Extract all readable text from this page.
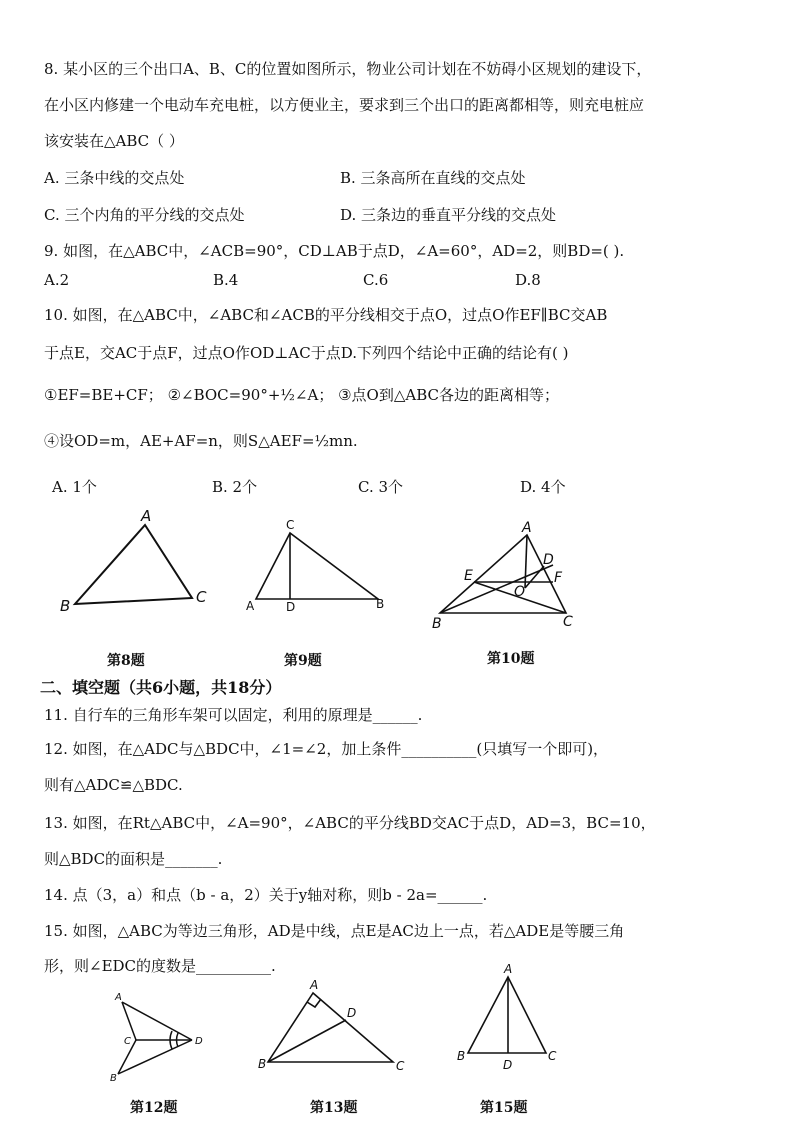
8. 某小区的三个出口A、B、C的位置如图所示，物业公司计划在不妨碍小区规划的建设下，
在小区内修建一个电动车充电桩，以方便业主，要求到三个出口的距离都相等，则充电桩应
该安装在△ABC（ ）
A. 三条中线的交点处	B. 三条高所在直线的交点处
C. 三个内角的平分线的交点处	D. 三条边的垂直平分线的交点处
9. 如图，在△ABC中，∠ACB=90°，CD⊥AB于点D，∠A=60°，AD=2，则BD=( ).
A.2	B.4	C.6	D.8
10. 如图，在△ABC中，∠ABC和∠ACB的平分线相交于点O，过点O作EF∥BC交AB
于点E，交AC于点F，过点O作OD⊥AC于点D.下列四个结论中正确的结论有( )
①EF=BE+CF； ②∠BOC=90°+½∠A； ③点O到△ABC各边的距离相等；
④设OD=m，AE+AF=n，则S△AEF=½mn.
A. 1个	B. 2个	C. 3个	D. 4个
A
B	C
C
A	D	B
A
D
E	F
O
B	C
A
C	D
B
A
D
B	C
A
B
D
C
第8题	第9题	第10题
二、填空题（共6小题，共18分）
11. 自行车的三角形车架可以固定，利用的原理是______.
12. 如图，在△ADC与△BDC中，∠1=∠2，加上条件__________(只填写一个即可)，
则有△ADC≌△BDC.
13. 如图，在Rt△ABC中，∠A=90°，∠ABC的平分线BD交AC于点D，AD=3，BC=10，
则△BDC的面积是_______.
14. 点（3，a）和点（b - a，2）关于y轴对称，则b - 2a=______.
15. 如图，△ABC为等边三角形，AD是中线，点E是AC边上一点，若△ADE是等腰三角
形，则∠EDC的度数是__________.
第12题	第13题	第15题
